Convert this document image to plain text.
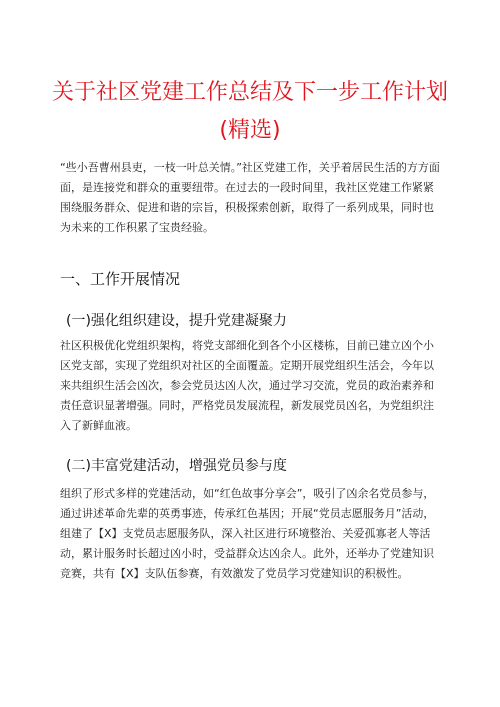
关于社区党建工作总结及下一步工作计划
(精选)

“些小吾曹州县吏，一枝一叶总关情。”社区党建工作，关乎着居民生活的方方面面，是连接党和群众的重要纽带。在过去的一段时间里，我社区党建工作紧紧围绕服务群众、促进和谐的宗旨，积极探索创新，取得了一系列成果，同时也为未来的工作积累了宝贵经验。

一、工作开展情况
(一)强化组织建设，提升党建凝聚力

社区积极优化党组织架构，将党支部细化到各个小区楼栋，目前已建立凶个小区党支部，实现了党组织对社区的全面覆盖。定期开展党组织生活会，今年以来共组织生活会凶次，参会党员达凶人次，通过学习交流，党员的政治素养和责任意识显著增强。同时，严格党员发展流程，新发展党员凶名，为党组织注入了新鲜血液。

(二)丰富党建活动，增强党员参与度

组织了形式多样的党建活动，如“红色故事分享会”，吸引了凶余名党员参与，通过讲述革命先辈的英勇事迹，传承红色基因；开展“党员志愿服务月”活动，组建了【X】支党员志愿服务队，深入社区进行环境整治、关爱孤寡老人等活动，累计服务时长超过凶小时，受益群众达凶余人。此外，还举办了党建知识竞赛，共有【X】支队伍参赛，有效激发了党员学习党建知识的积极性。
